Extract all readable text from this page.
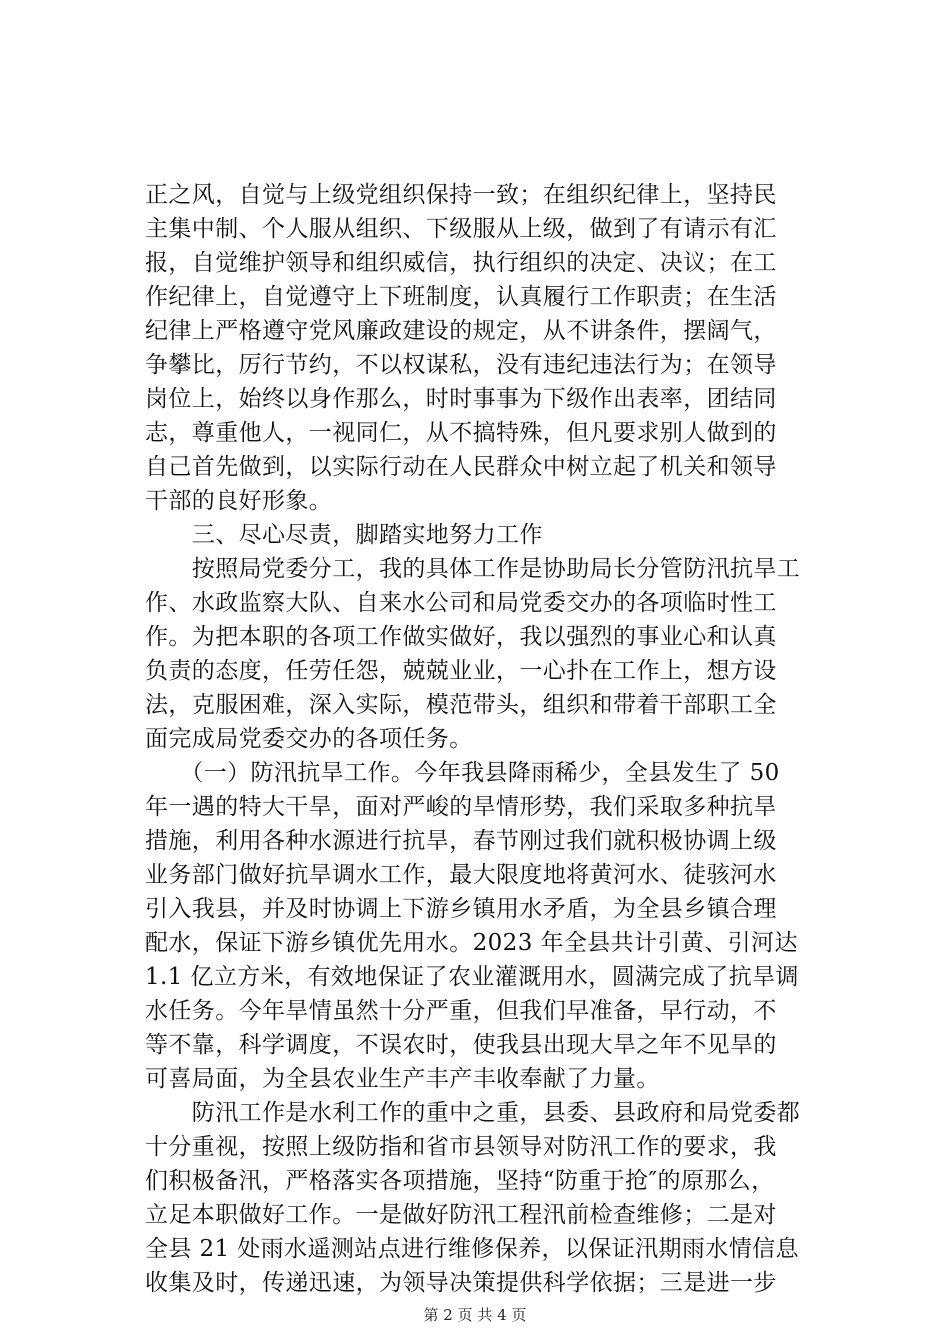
正之风，自觉与上级党组织保持一致；在组织纪律上，坚持民
主集中制、个人服从组织、下级服从上级，做到了有请示有汇
报，自觉维护领导和组织威信，执行组织的决定、决议；在工
作纪律上，自觉遵守上下班制度，认真履行工作职责；在生活
纪律上严格遵守党风廉政建设的规定，从不讲条件，摆阔气，
争攀比，厉行节约，不以权谋私，没有违纪违法行为；在领导
岗位上，始终以身作那么，时时事事为下级作出表率，团结同
志，尊重他人，一视同仁，从不搞特殊，但凡要求别人做到的
自己首先做到，以实际行动在人民群众中树立起了机关和领导
干部的良好形象。
　　三、尽心尽责，脚踏实地努力工作
　　按照局党委分工，我的具体工作是协助局长分管防汛抗旱工
作、水政监察大队、自来水公司和局党委交办的各项临时性工
作。为把本职的各项工作做实做好，我以强烈的事业心和认真
负责的态度，任劳任怨，兢兢业业，一心扑在工作上，想方设
法，克服困难，深入实际，模范带头，组织和带着干部职工全
面完成局党委交办的各项任务。
　　（一）防汛抗旱工作。今年我县降雨稀少，全县发生了 50
年一遇的特大干旱，面对严峻的旱情形势，我们采取多种抗旱
措施，利用各种水源进行抗旱，春节刚过我们就积极协调上级
业务部门做好抗旱调水工作，最大限度地将黄河水、徒骇河水
引入我县，并及时协调上下游乡镇用水矛盾，为全县乡镇合理
配水，保证下游乡镇优先用水。2023 年全县共计引黄、引河达
1.1 亿立方米，有效地保证了农业灌溉用水，圆满完成了抗旱调
水任务。今年旱情虽然十分严重，但我们早准备，早行动，不
等不靠，科学调度，不误农时，使我县出现大旱之年不见旱的
可喜局面，为全县农业生产丰产丰收奉献了力量。
　　防汛工作是水利工作的重中之重，县委、县政府和局党委都
十分重视，按照上级防指和省市县领导对防汛工作的要求，我
们积极备汛，严格落实各项措施，坚持“防重于抢″的原那么，
立足本职做好工作。一是做好防汛工程汛前检查维修；二是对
全县 21 处雨水遥测站点进行维修保养，以保证汛期雨水情信息
收集及时，传递迅速，为领导决策提供科学依据；三是进一步
第 2 页 共 4 页
